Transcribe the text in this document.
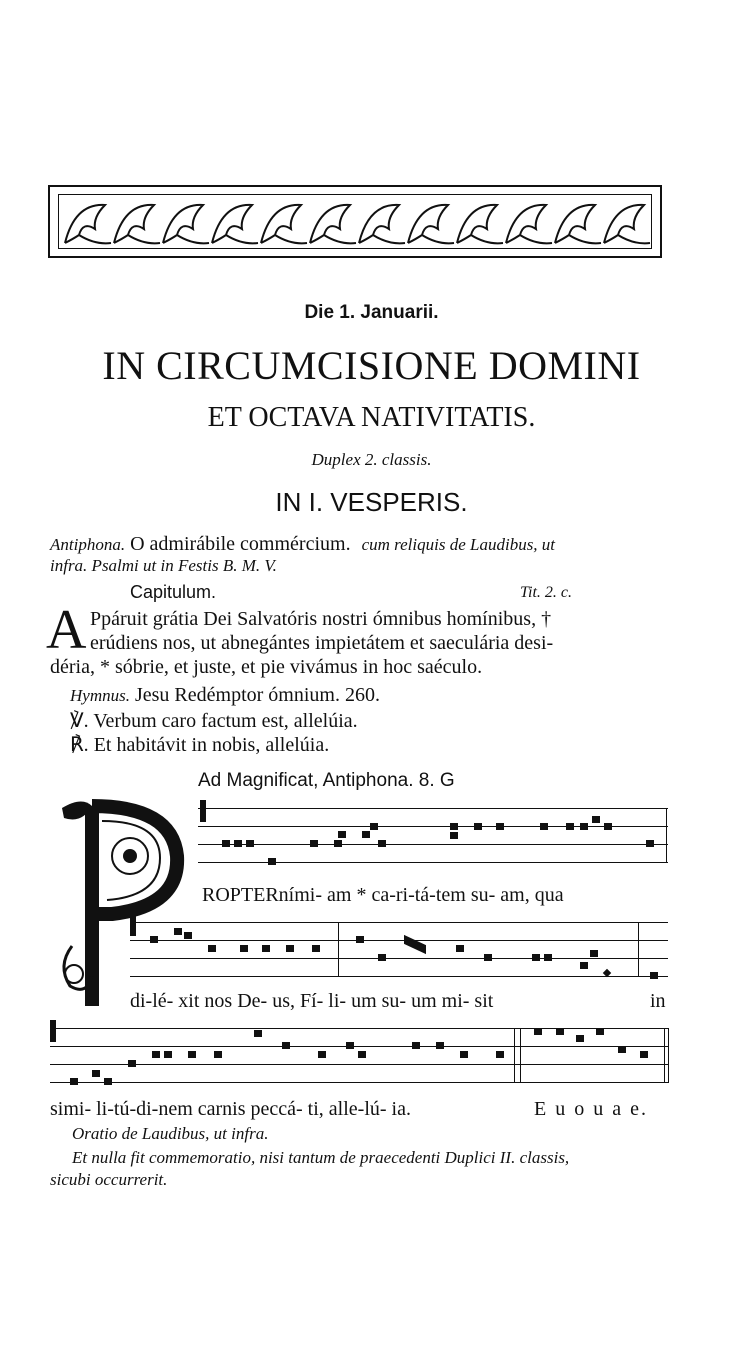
Die 1. Januarii.
IN CIRCUMCISIONE DOMINI
ET OCTAVA NATIVITATIS.
Duplex 2. classis.
IN I. VESPERIS.
Antiphona. O admirábile commércium. cum reliquis de Laudibus, ut
infra. Psalmi ut in Festis B. M. V.
Capitulum.	Tit. 2. c.
A Ppáruit grátia Dei Salvatóris nostri ómnibus homínibus, †
erúdiens nos, ut abnegántes impietátem et saeculária desi-
déria, * sóbrie, et juste, et pie vivámus in hoc saéculo.
Hymnus. Jesu Redémptor ómnium. 260.
℣. Verbum caro factum est, allelúia.
℟. Et habitávit in nobis, allelúia.
Ad Magnificat, Antiphona. 8. G
ROPTERními- am * ca-ri-tá-tem su- am, qua
di-lé- xit nos De- us, Fí- li- um su- um mi- sit	in
simi- li-tú-di-nem carnis peccá- ti, alle-lú- ia.	E u o u a e.
Oratio de Laudibus, ut infra.
Et nulla fit commemoratio, nisi tantum de praecedenti Duplici II. classis,
sicubi occurrerit.
